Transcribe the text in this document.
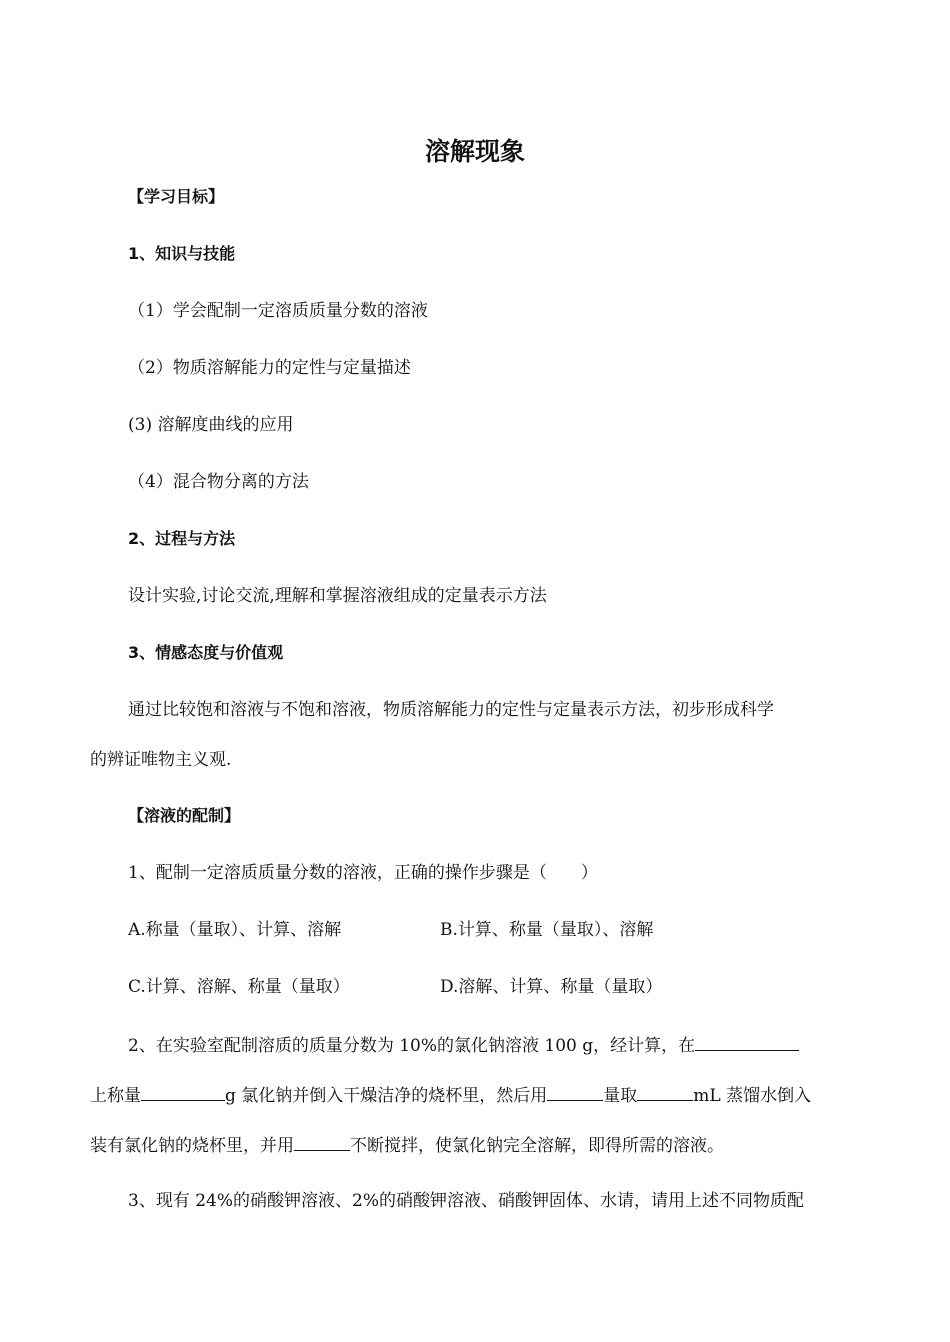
溶解现象
【学习目标】
1、知识与技能
（1）学会配制一定溶质质量分数的溶液
（2）物质溶解能力的定性与定量描述
(3) 溶解度曲线的应用
（4）混合物分离的方法
2、过程与方法
设计实验,讨论交流,理解和掌握溶液组成的定量表示方法
3、情感态度与价值观
通过比较饱和溶液与不饱和溶液，物质溶解能力的定性与定量表示方法，初步形成科学
的辨证唯物主义观.
【溶液的配制】
1、配制一定溶质质量分数的溶液，正确的操作步骤是（　　）
A.称量（量取）、计算、溶解	B.计算、称量（量取）、溶解
C.计算、溶解、称量（量取）	D.溶解、计算、称量（量取）
2、在实验室配制溶质的质量分数为 10%的氯化钠溶液 100 g，经计算，在
上称量	g 氯化钠并倒入干燥洁净的烧杯里，然后用	量取	mL 蒸馏水倒入
装有氯化钠的烧杯里，并用	不断搅拌，使氯化钠完全溶解，即得所需的溶液。
3、现有 24%的硝酸钾溶液、2%的硝酸钾溶液、硝酸钾固体、水请，请用上述不同物质配
